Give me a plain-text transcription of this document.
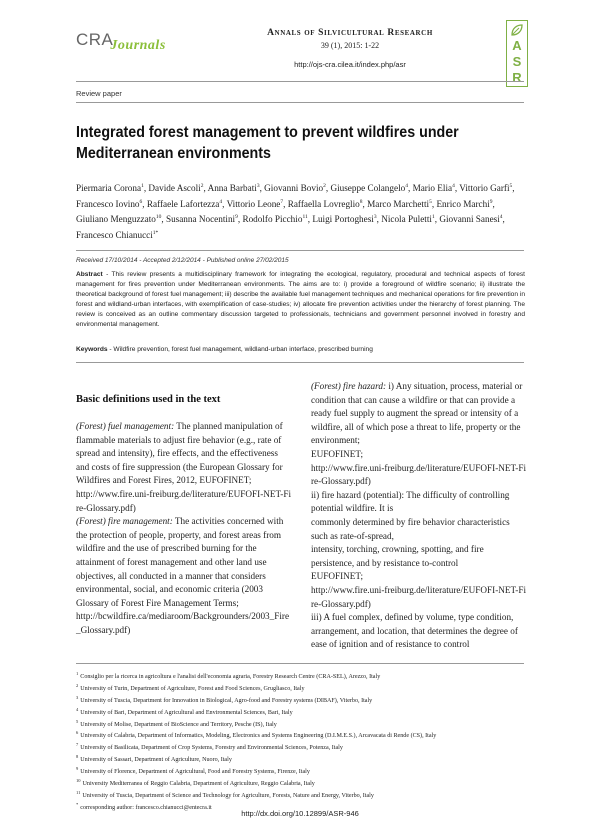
$CRA_{Journals}$
Annals of Silvicultural Research
39 (1), 2015: 1-22
http://ojs-cra.cilea.it/index.php/asr
A
S
R
Review paper
Integrated forest management to prevent wildfires under Mediterranean environments
Piermaria Corona$^1$, Davide Ascoli$^2$, Anna Barbati$^3$, Giovanni Bovio$^2$, Giuseppe Colangelo$^4$, Mario Elia$^4$, Vittorio Garfì$^5$, Francesco Iovino$^6$, Raffaele Lafortezza$^4$, Vittorio Leone$^7$, Raffaella Lovreglio$^8$, Marco Marchetti$^5$, Enrico Marchi$^9$, Giuliano Menguzzato$^{10}$, Susanna Nocentini$^9$, Rodolfo Picchio$^{11}$, Luigi Portoghesi$^3$, Nicola Puletti$^1$, Giovanni Sanesi$^4$, Francesco Chianucci$^{1*}$
Received 17/10/2014 - Accepted 2/12/2014 - Published online 27/02/2015
Abstract - This review presents a multidisciplinary framework for integrating the ecological, regulatory, procedural and technical aspects of forest management for fires prevention under Mediterranean environments. The aims are to: i) provide a foreground of wildfire scenario; ii) illustrate the theoretical background of forest fuel management; iii) describe the available fuel management techniques and mechanical operations for fire prevention in forest and wildland-urban interfaces, with exemplification of case-studies; iv) allocate fire prevention activities under the hierarchy of forest planning. The review is conceived as an outline commentary discussion targeted to professionals, technicians and government personnel involved in forestry and environmental management.
Keywords - Wildfire prevention, forest fuel management, wildland-urban interface, prescribed burning
Basic definitions used in the text

(Forest) fuel management: The planned manipulation of flammable materials to adjust fire behavior (e.g., rate of spread and intensity), fire effects, and the effectiveness and costs of fire suppression (the European Glossary for Wildfires and Forest Fires, 2012, EUFOFINET;

http://www.fire.uni-freiburg.de/literature/EUFOFI-NET-Fire-Glossary.pdf)

(Forest) fire management: The activities concerned with the protection of people, property, and forest areas from wildfire and the use of prescribed burning for the attainment of forest management and other land use objectives, all conducted in a manner that considers environmental, social, and economic criteria (2003 Glossary of Forest Fire Management Terms;

http://bcwildfire.ca/mediaroom/Backgrounders/2003_Fire_Glossary.pdf)

(Forest) fire hazard: i) Any situation, process, material or condition that can cause a wildfire or that can provide a ready fuel supply to augment the spread or intensity of a wildfire, all of which pose a threat to life, property or the environment;

EUFOFINET;

http://www.fire.uni-freiburg.de/literature/EUFOFI-NET-Fire-Glossary.pdf)

ii) fire hazard (potential): The difficulty of controlling potential wildfire. It is

commonly determined by fire behavior characteristics such as rate-of-spread,

intensity, torching, crowning, spotting, and fire persistence, and by resistance to-control

EUFOFINET;

http://www.fire.uni-freiburg.de/literature/EUFOFI-NET-Fire-Glossary.pdf)

iii) A fuel complex, defined by volume, type condition, arrangement, and location, that determines the degree of ease of ignition and of resistance to control

$^1$Consiglio per la ricerca in agricoltura e l'analisi dell'economia agraria, Forestry Research Centre (CRA-SEL), Arezzo, Italy
$^2$University of Turin, Department of Agriculture, Forest and Food Sciences, Grugliasco, Italy
$^3$University of Tuscia, Department for Innovation in Biological, Agro-food and Forestry systems (DIBAF), Viterbo, Italy
$^4$University of Bari, Department of Agricultural and Environmental Sciences, Bari, Italy
$^5$University of Molise, Department of BioScience and Territory, Pesche (IS), Italy
$^6$University of Calabria, Department of Informatics, Modeling, Electronics and Systems Engineering (D.I.M.E.S.), Arcavacata di Rende (CS), Italy
$^7$University of Basilicata, Department of Crop Systems, Forestry and Environmental Sciences, Potenza, Italy
$^8$University of Sassari, Department of Agriculture, Nuoro, Italy
$^9$University of Florence, Department of Agricultural, Food and Forestry Systems, Firenze, Italy
$^{10}$University Mediterranea of Reggio Calabria, Department of Agriculture, Reggio Calabria, Italy
$^{11}$University of Tuscia, Department of Science and Technology for Agriculture, Forests, Nature and Energy, Viterbo, Italy
*corresponding author: francesco.chianucci@entecra.it
http://dx.doi.org/10.12899/ASR-946
